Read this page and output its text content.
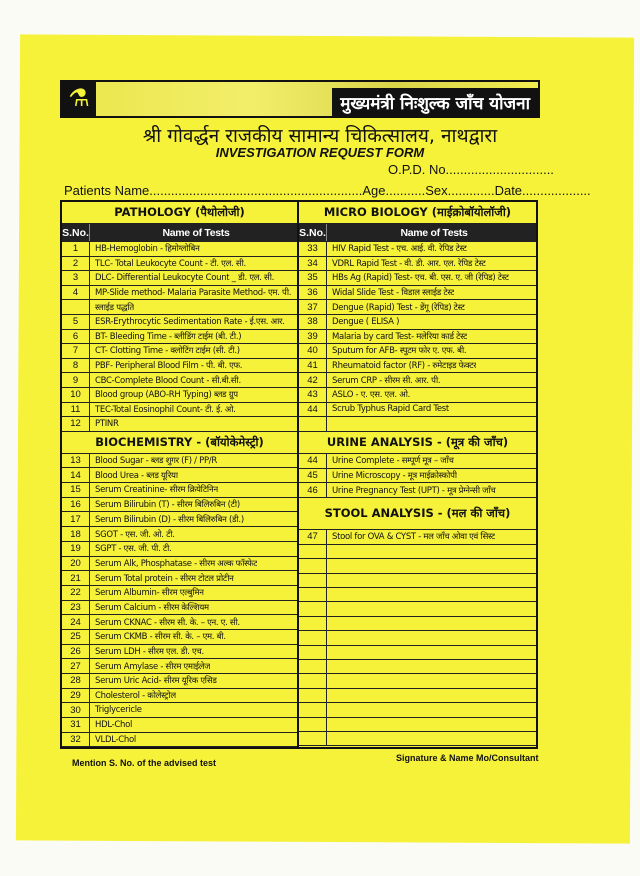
मुख्यमंत्री निःशुल्क जाँच योजना
⚗
श्री गोवर्द्धन राजकीय सामान्य चिकित्सालय, नाथद्वारा
INVESTIGATION REQUEST FORM
O.P.D. No..............................
Patients Name...........................................................Age...........Sex.............Date...................
PATHOLOGY (पैथोलोजी)
S.No.	Name of Tests
1	HB-Hemoglobin - हिमोग्लोबिन
2	TLC- Total Leukocyte Count - टी. एल. सी.
3	DLC- Differential Leukocyte Count _ डी. एल. सी.
4	MP-Slide method- Malaria Parasite Method- एम. पी.
स्लाईड पद्धति
5	ESR-Erythrocytic Sedimentation Rate - ई.एस. आर.
6	BT- Bleeding Time - ब्लीडिंग टाईम (बी. टी.)
7	CT- Clotting Time - क्लोटिंग टाईम (सी. टी.)
8	PBF- Peripheral Blood Film - पी. बी. एफ.
9	CBC-Complete Blood Count - सी.बी.सी.
10	Blood group (ABO-RH Typing) ब्लड ग्रुप
11	TEC-Total Eosinophil Count- टी. ई. ओ.
12	PTINR
BIOCHEMISTRY - (बॉयोकेमेस्ट्री)
13	Blood Sugar - ब्लड शुगर (F) / PP/R
14	Blood Urea - ब्लड यूरिया
15	Serum Creatinine- सीरम क्रियेटिनिन
16	Serum Bilirubin (T) - सीरम बिलिरुबिन (टी)
17	Serum Bilirubin (D) - सीरम बिलिरुबिन (डी.)
18	SGOT - एस. जी. ओ. टी.
19	SGPT - एस. जी. पी. टी.
20	Serum Alk, Phosphatase - सीरम अल्क फॉस्फेट
21	Serum Total protein - सीरम टोटल प्रोटीन
22	Serum Albumin- सीरम एल्बुमिन
23	Serum Calcium - सीरम केल्शियम
24	Serum CKNAC - सीरम सी. के. – एन. ए. सी.
25	Serum CKMB - सीरम सी. के. – एम. बी.
26	Serum LDH - सीरम एल. डी. एच.
27	Serum Amylase - सीरम एमाईलेज
28	Serum Uric Acid- सीरम यूरिक एसिड
29	Cholesterol - कोलेस्ट्रोल
30	Triglycericle
31	HDL-Chol
32	VLDL-Chol
MICRO BIOLOGY (माईक्रोबॉयोलॉजी)
S.No.	Name of Tests
33	HIV Rapid Test - एच. आई. वी. रेपिड टेस्ट
34	VDRL Rapid Test - वी. डी. आर. एल. रेपिड टेस्ट
35	HBs Ag (Rapid) Test- एच. बी. एस. ए. जी (रेपिड) टेस्ट
36	Widal Slide Test - विडाल स्लाईड टेस्ट
37	Dengue (Rapid) Test - डेंगू (रेपिड) टेस्ट
38	Dengue ( ELISA )
39	Malaria by card Test- मलेरिया कार्ड टेस्ट
40	Sputum for AFB- स्पुटम फोर ए. एफ. बी.
41	Rheumatoid factor (RF) - रुमेटाइड फेक्टर
42	Serum CRP - सीरम सी. आर. पी.
43	ASLO - ए. एस. एल. ओ.
44	Scrub Typhus Rapid Card Test
URINE ANALYSIS - (मूत्र की जाँच)
44	Urine Complete - सम्पूर्ण मूत्र – जाँच
45	Urine Microscopy - मूत्र माईक्रोस्कोपी
46	Urine Pregnancy Test (UPT) - मूत्र प्रेग्नेन्सी जाँच
STOOL ANALYSIS - (मल की जाँच)
47	Stool for OVA & CYST - मल जाँच ओवा एवं सिस्ट
Mention S. No. of the advised test	Signature & Name Mo/Consultant
